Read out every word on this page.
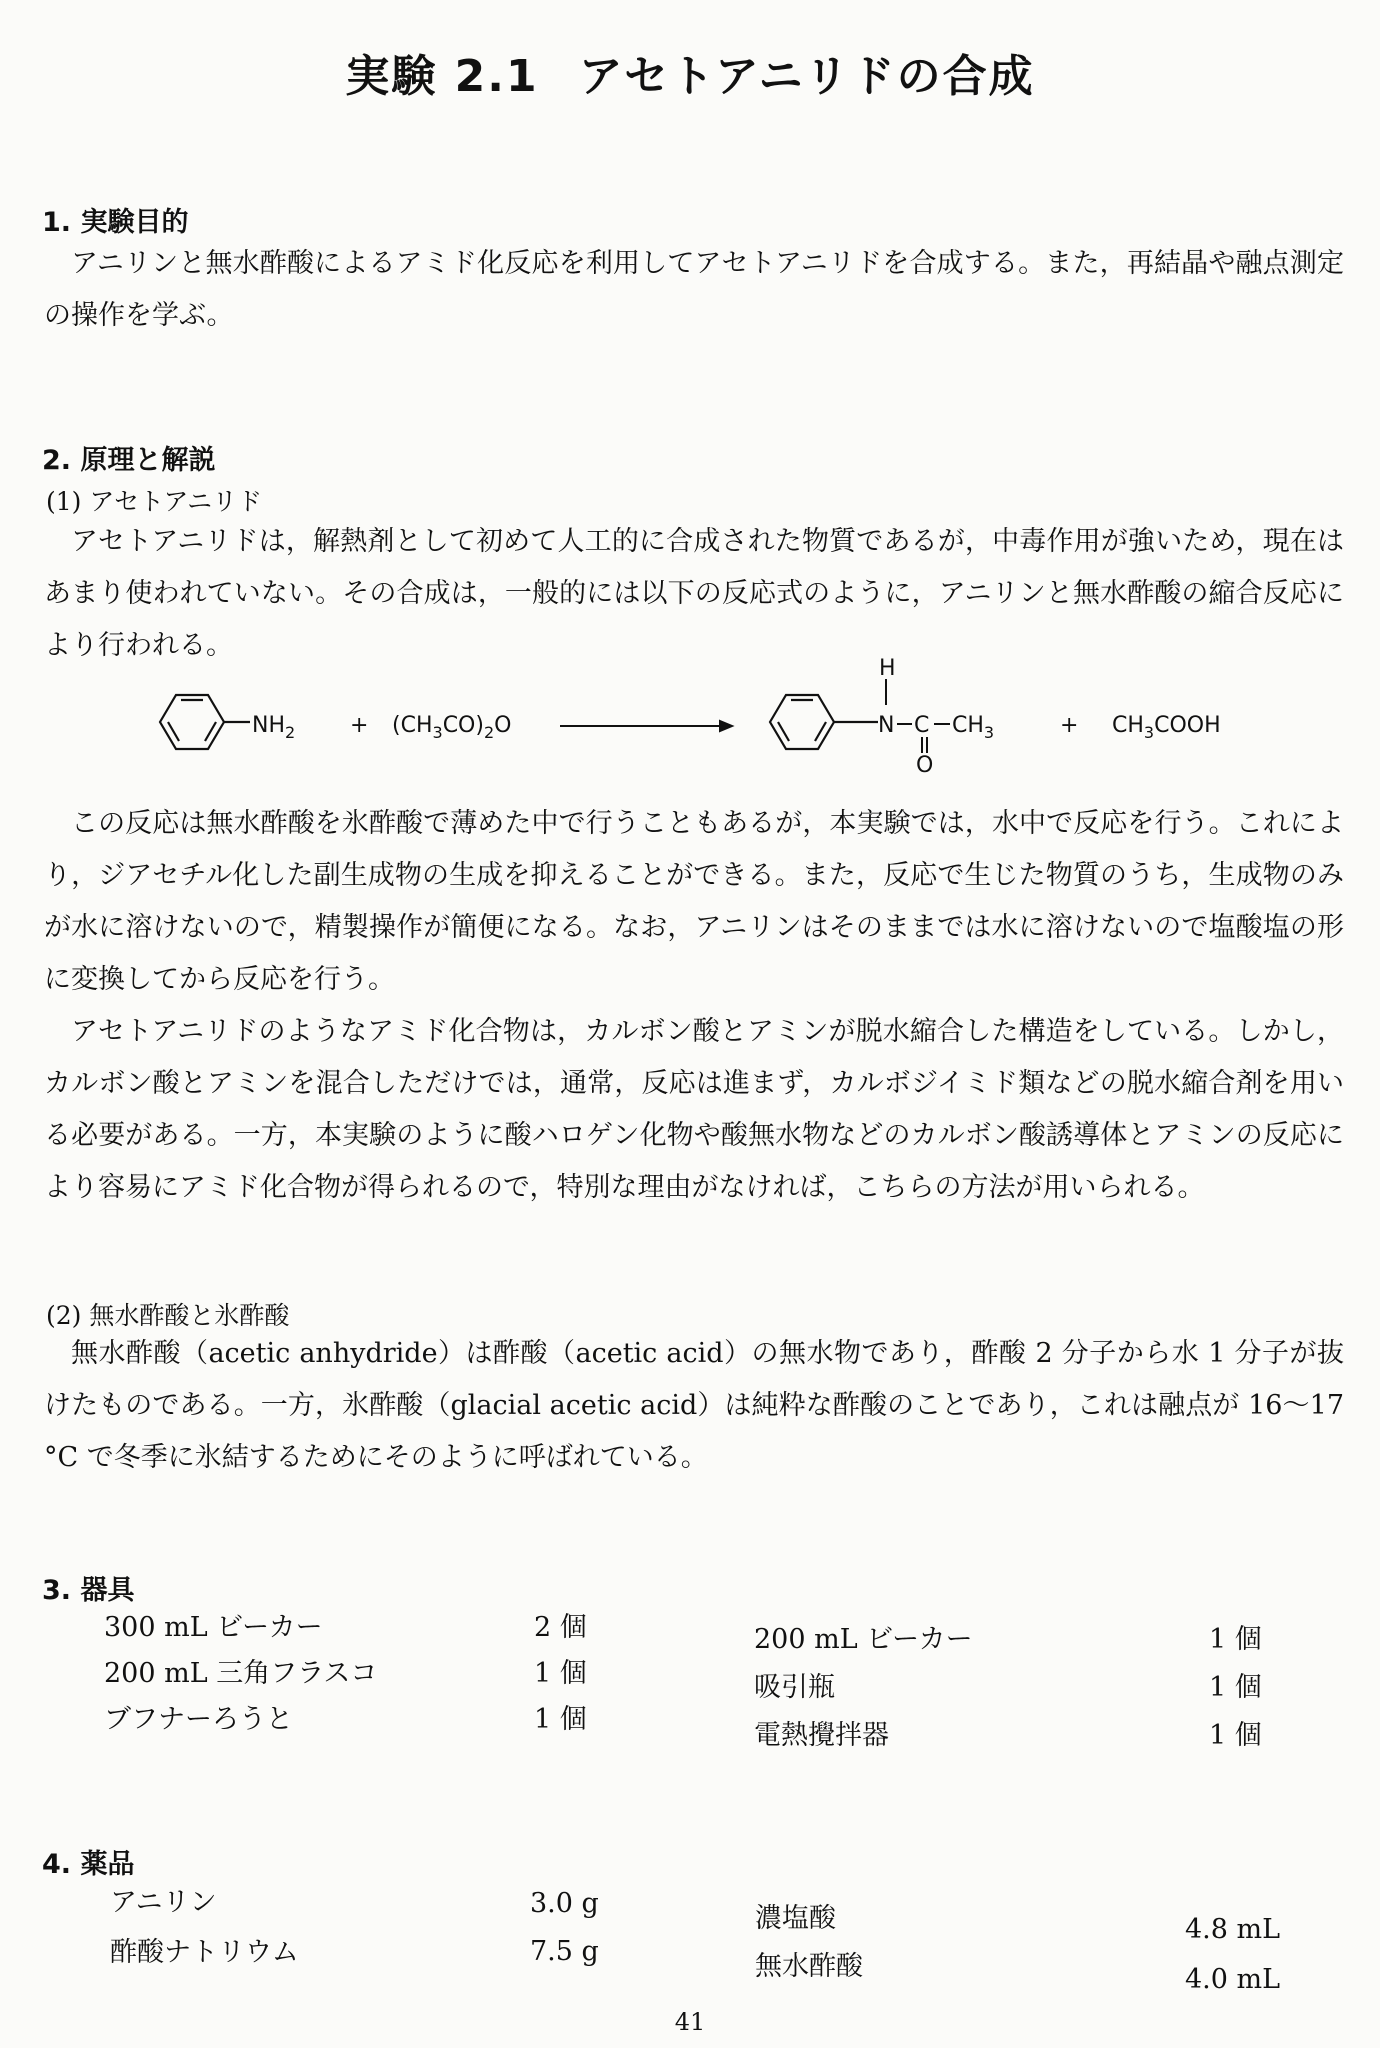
実験 2.1 アセトアニリドの合成
1. 実験目的

アニリンと無水酢酸によるアミド化反応を利用してアセトアニリドを合成する。また，再結晶や融点測定の操作を学ぶ。

2. 原理と解説
(1) アセトアニリド

アセトアニリドは，解熱剤として初めて人工的に合成された物質であるが，中毒作用が強いため，現在はあまり使われていない。その合成は，一般的には以下の反応式のように，アニリンと無水酢酸の縮合反応により行われる。

$NH_2 + (CH_3CO)_2O$
H
N C
O
$CH_3$	+ $CH_3COOH$

この反応は無水酢酸を氷酢酸で薄めた中で行うこともあるが，本実験では，水中で反応を行う。これにより，ジアセチル化した副生成物の生成を抑えることができる。また，反応で生じた物質のうち，生成物のみが水に溶けないので，精製操作が簡便になる。なお，アニリンはそのままでは水に溶けないので塩酸塩の形に変換してから反応を行う。

アセトアニリドのようなアミド化合物は，カルボン酸とアミンが脱水縮合した構造をしている。しかし，カルボン酸とアミンを混合しただけでは，通常，反応は進まず，カルボジイミド類などの脱水縮合剤を用いる必要がある。一方，本実験のように酸ハロゲン化物や酸無水物などのカルボン酸誘導体とアミンの反応により容易にアミド化合物が得られるので，特別な理由がなければ，こちらの方法が用いられる。

(2) 無水酢酸と氷酢酸

無水酢酸（acetic anhydride）は酢酸（acetic acid）の無水物であり，酢酸 2 分子から水 1 分子が抜けたものである。一方，氷酢酸（glacial acetic acid）は純粋な酢酸のことであり，これは融点が 16～17 °C で冬季に氷結するためにそのように呼ばれている。

3. 器具
300 mL ビーカー	2 個
200 mL 三角フラスコ	1 個
ブフナーろうと	1 個
200 mL ビーカー	1 個
吸引瓶	1 個
電熱攪拌器	1 個
4. 薬品
アニリン	3.0 g
酢酸ナトリウム	7.5 g
濃塩酸	4.8 mL
無水酢酸	4.0 mL
41
